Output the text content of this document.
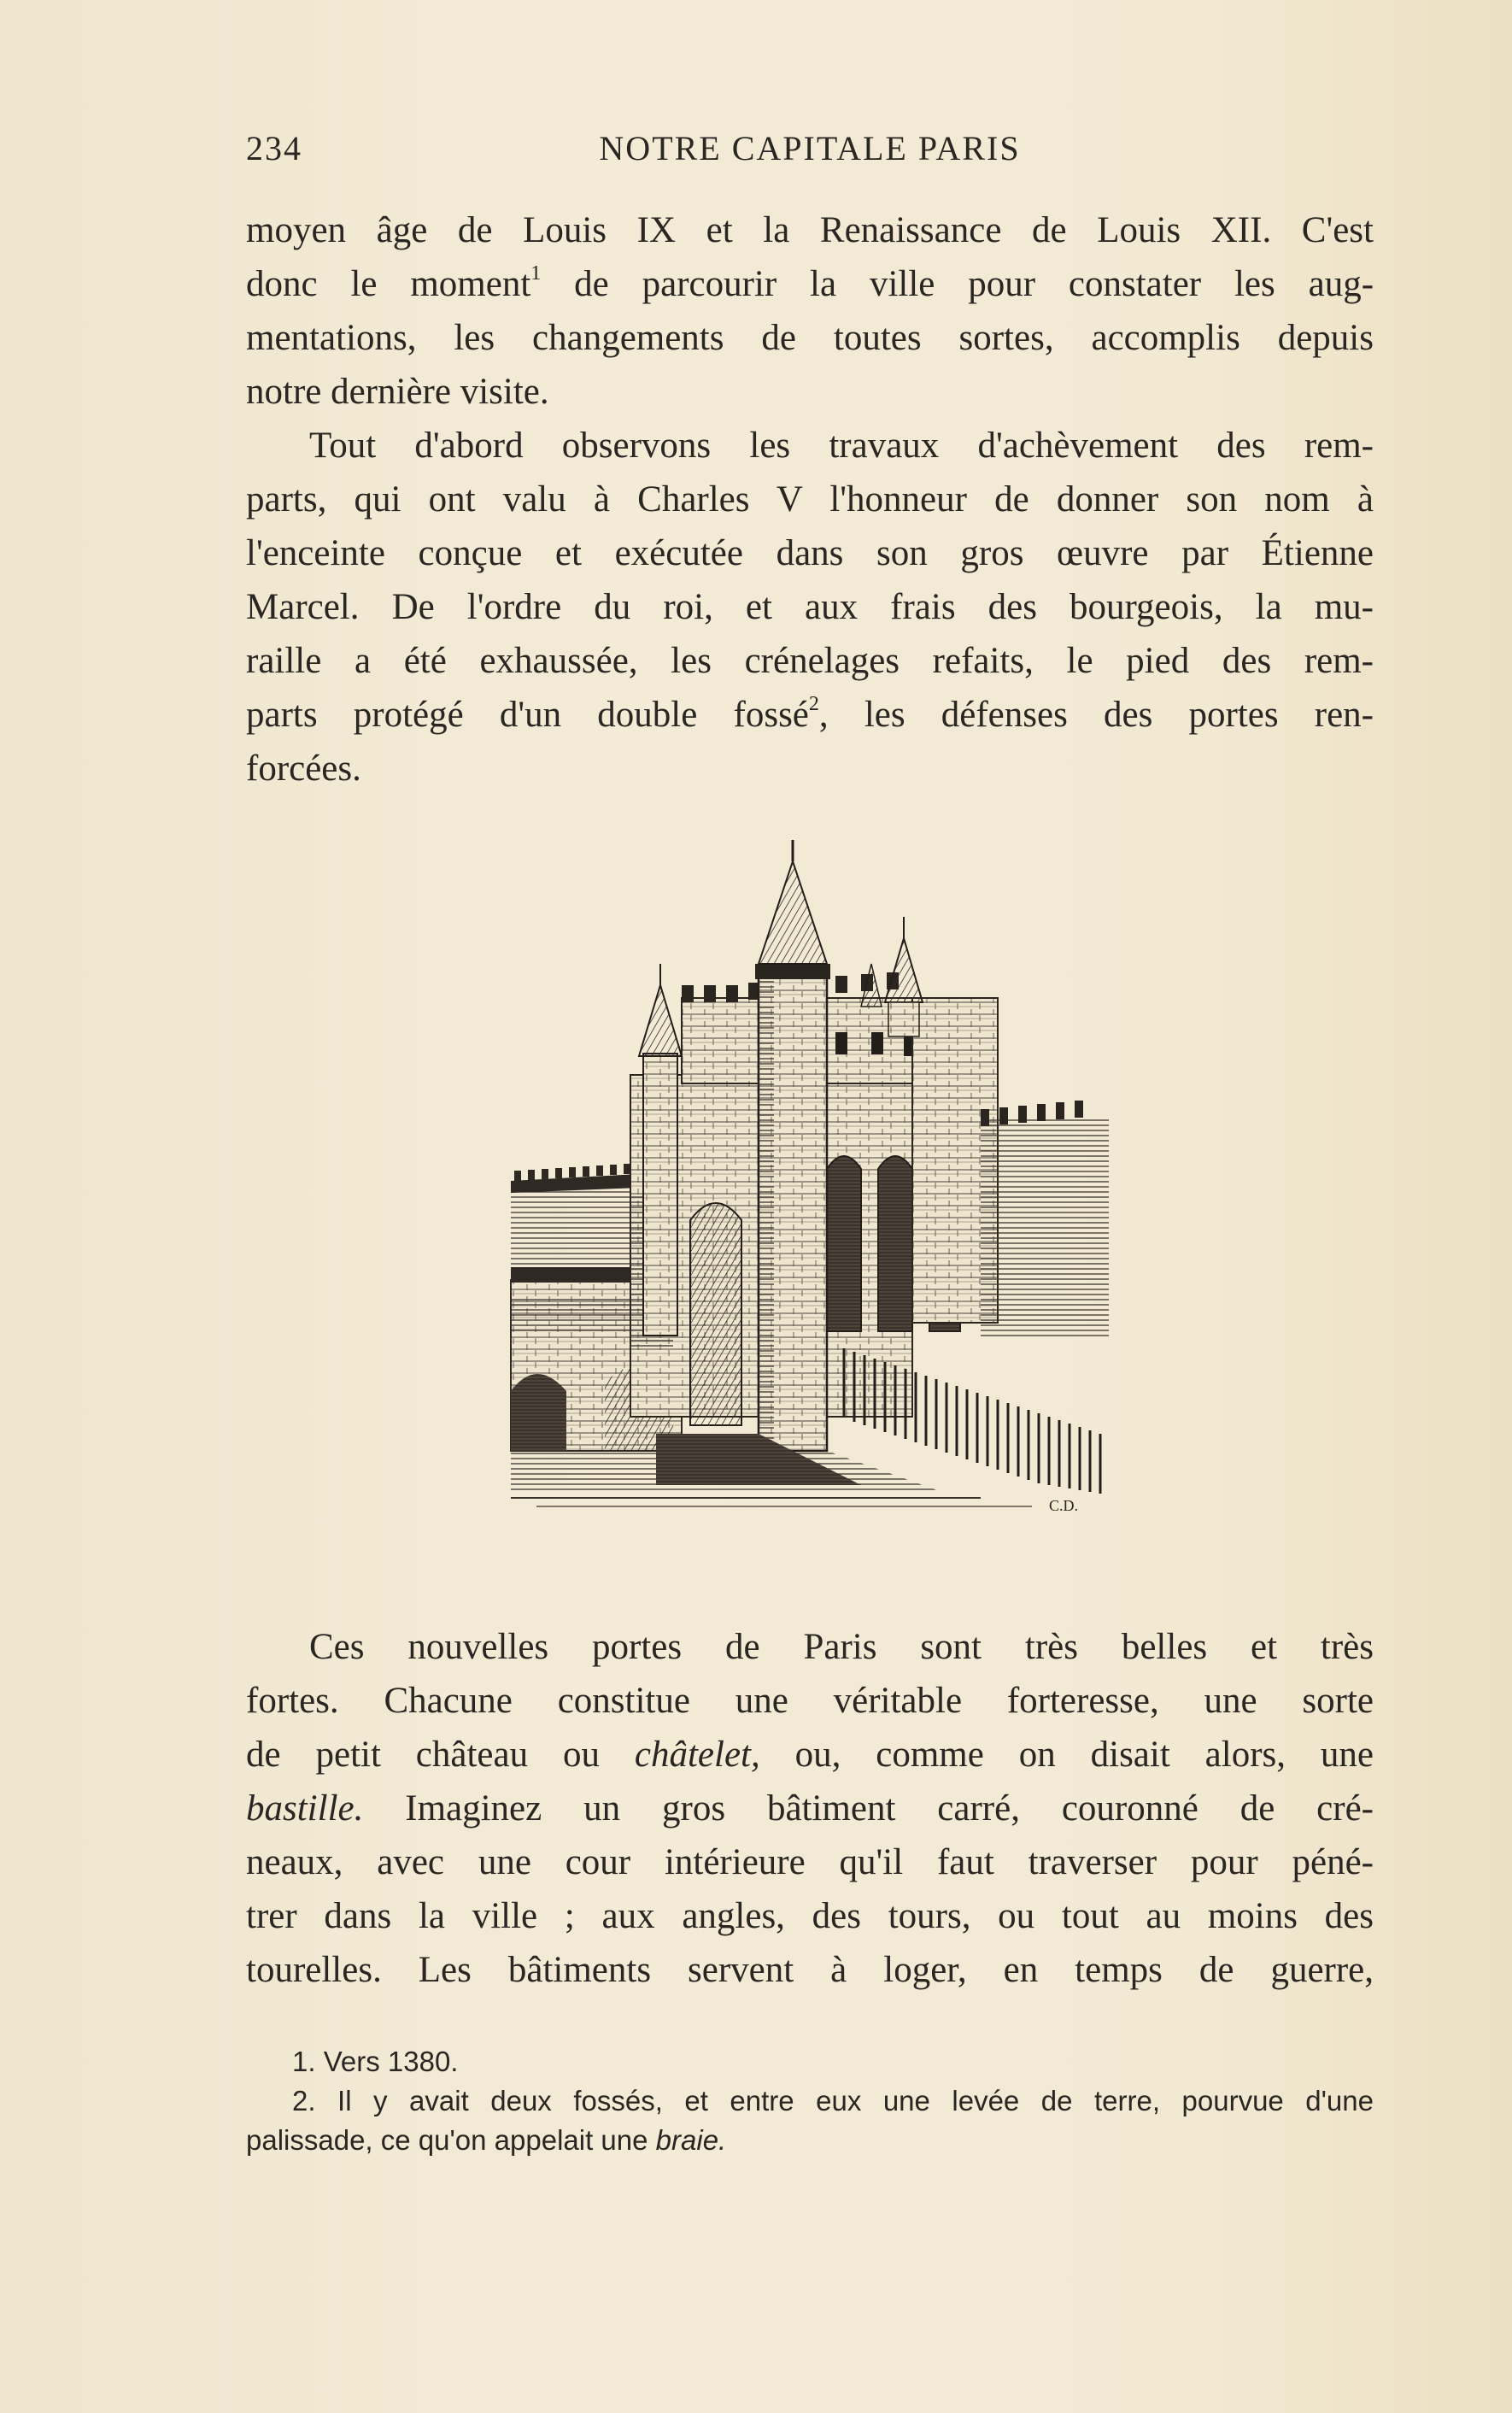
234	NOTRE CAPITALE PARIS
moyen âge de Louis IX et la Renaissance de Louis XII. C'est
donc le moment$^1$ de parcourir la ville pour constater les aug-
mentations, les changements de toutes sortes, accomplis depuis
notre dernière visite.
Tout d'abord observons les travaux d'achèvement des rem-
parts, qui ont valu à Charles V l'honneur de donner son nom à
l'enceinte conçue et exécutée dans son gros œuvre par Étienne
Marcel. De l'ordre du roi, et aux frais des bourgeois, la mu-
raille a été exhaussée, les crénelages refaits, le pied des rem-
parts protégé d'un double fossé$^2$, les défenses des portes ren-
forcées.
C.D.
Ces nouvelles portes de Paris sont très belles et très
fortes. Chacune constitue une véritable forteresse, une sorte
de petit château ou châtelet, ou, comme on disait alors, une
bastille. Imaginez un gros bâtiment carré, couronné de cré-
neaux, avec une cour intérieure qu'il faut traverser pour péné-
trer dans la ville ; aux angles, des tours, ou tout au moins des
tourelles. Les bâtiments servent à loger, en temps de guerre,
1. Vers 1380.
2. Il y avait deux fossés, et entre eux une levée de terre, pourvue d'une
palissade, ce qu'on appelait une braie.
